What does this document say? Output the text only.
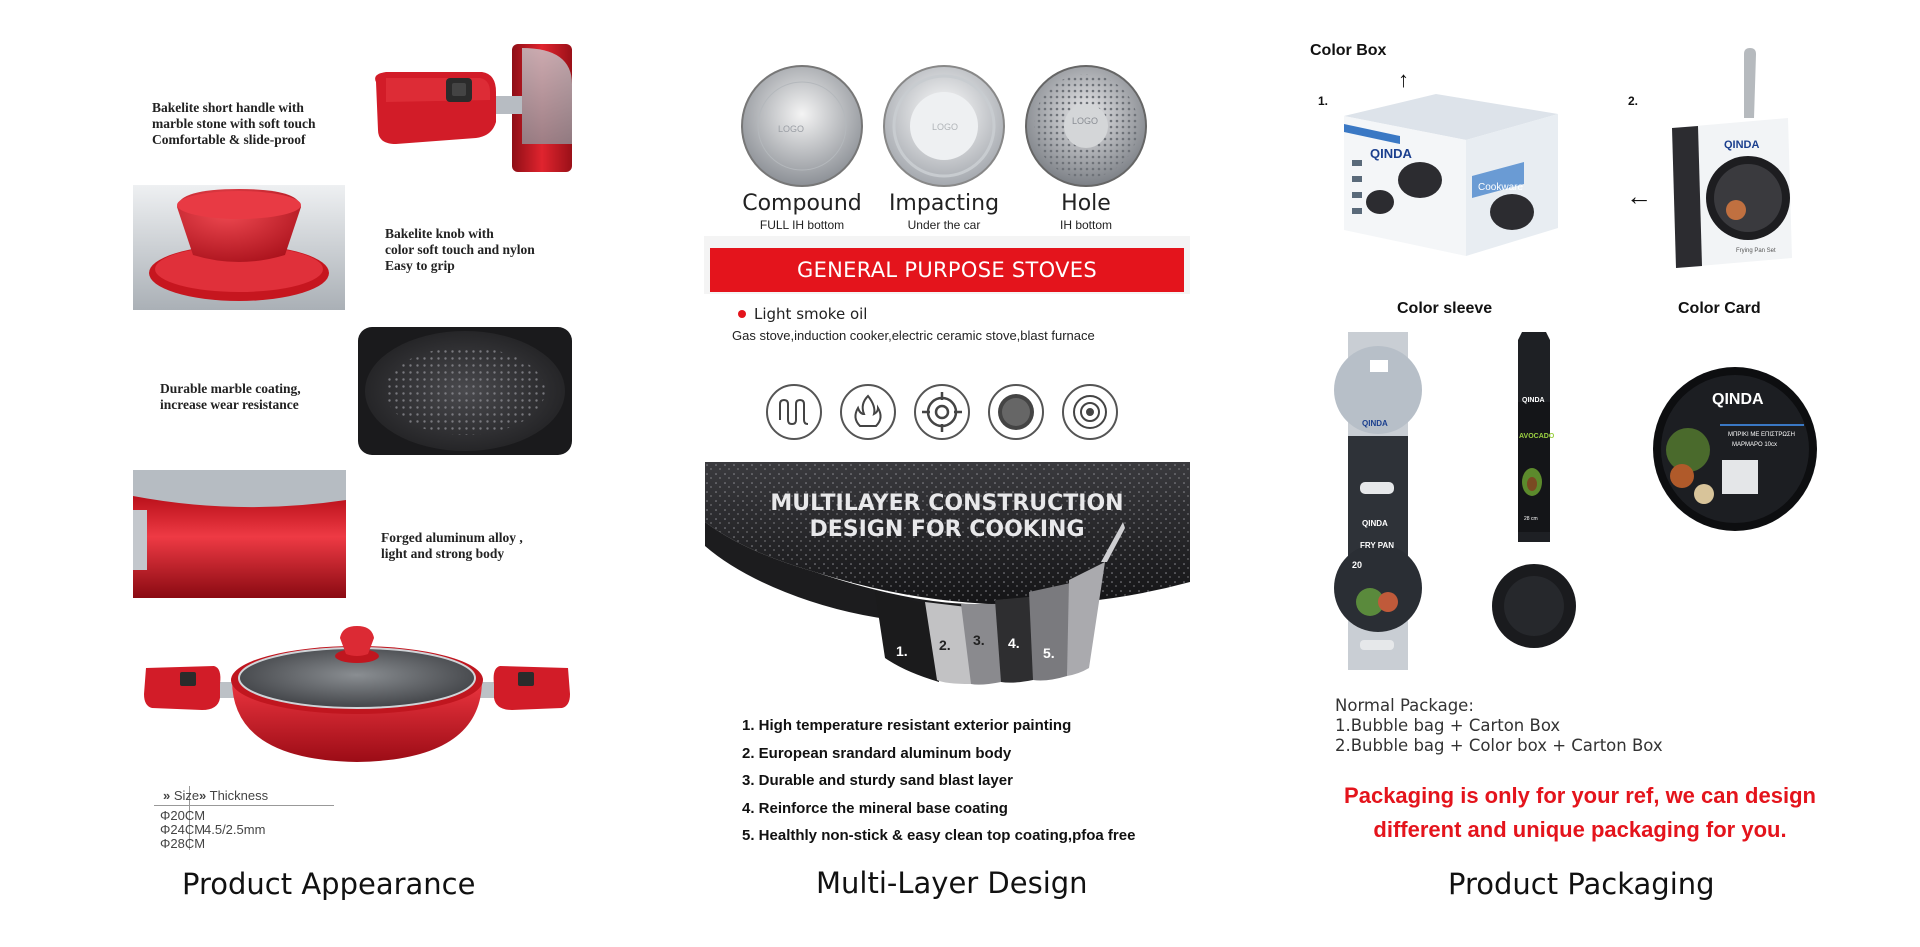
Bakelite short handle with
marble stone with soft touch
Comfortable & slide-proof
Bakelite knob with
color soft touch and nylon
Easy to grip
Durable marble coating,
increase wear resistance
Forged aluminum alloy ,
light and strong body
» Size » Thickness
Φ20CM
Φ24CM
Φ28CM
4.5/2.5mm
Product Appearance
LOGO	LOGO
LOGO
Compound
FULL IH bottom
Impacting
Under the car
Hole
IH bottom
GENERAL PURPOSE STOVES
Light smoke oil
Gas stove,induction cooker,electric ceramic stove,blast furnace
MULTILAYER CONSTRUCTION
DESIGN FOR COOKING
1. 2. 3. 4.
5.
1. High temperature resistant exterior painting
2. European srandard aluminum body
3. Durable and sturdy sand blast layer
4. Reinforce the mineral base coating
5. Healthly non-stick & easy clean top coating,pfoa free
Multi-Layer Design
Color Box
1.	2.
↑
←
QINDA
Cookware
QINDA
Frying Pan Set
Color sleeve	Color Card
QINDA
QINDA
FRY PAN
20
QINDA
AVOCADO
28 cm
QINDA
ΜΠΡΙΚΙ ΜΕ ΕΠΙΣΤΡΩΣΗ
ΜΑΡΜΑΡΟ 10cx
Normal Package:
1.Bubble bag + Carton Box
2.Bubble bag + Color box + Carton Box
Packaging is only for your ref, we can design
different and unique packaging for you.
Product Packaging
